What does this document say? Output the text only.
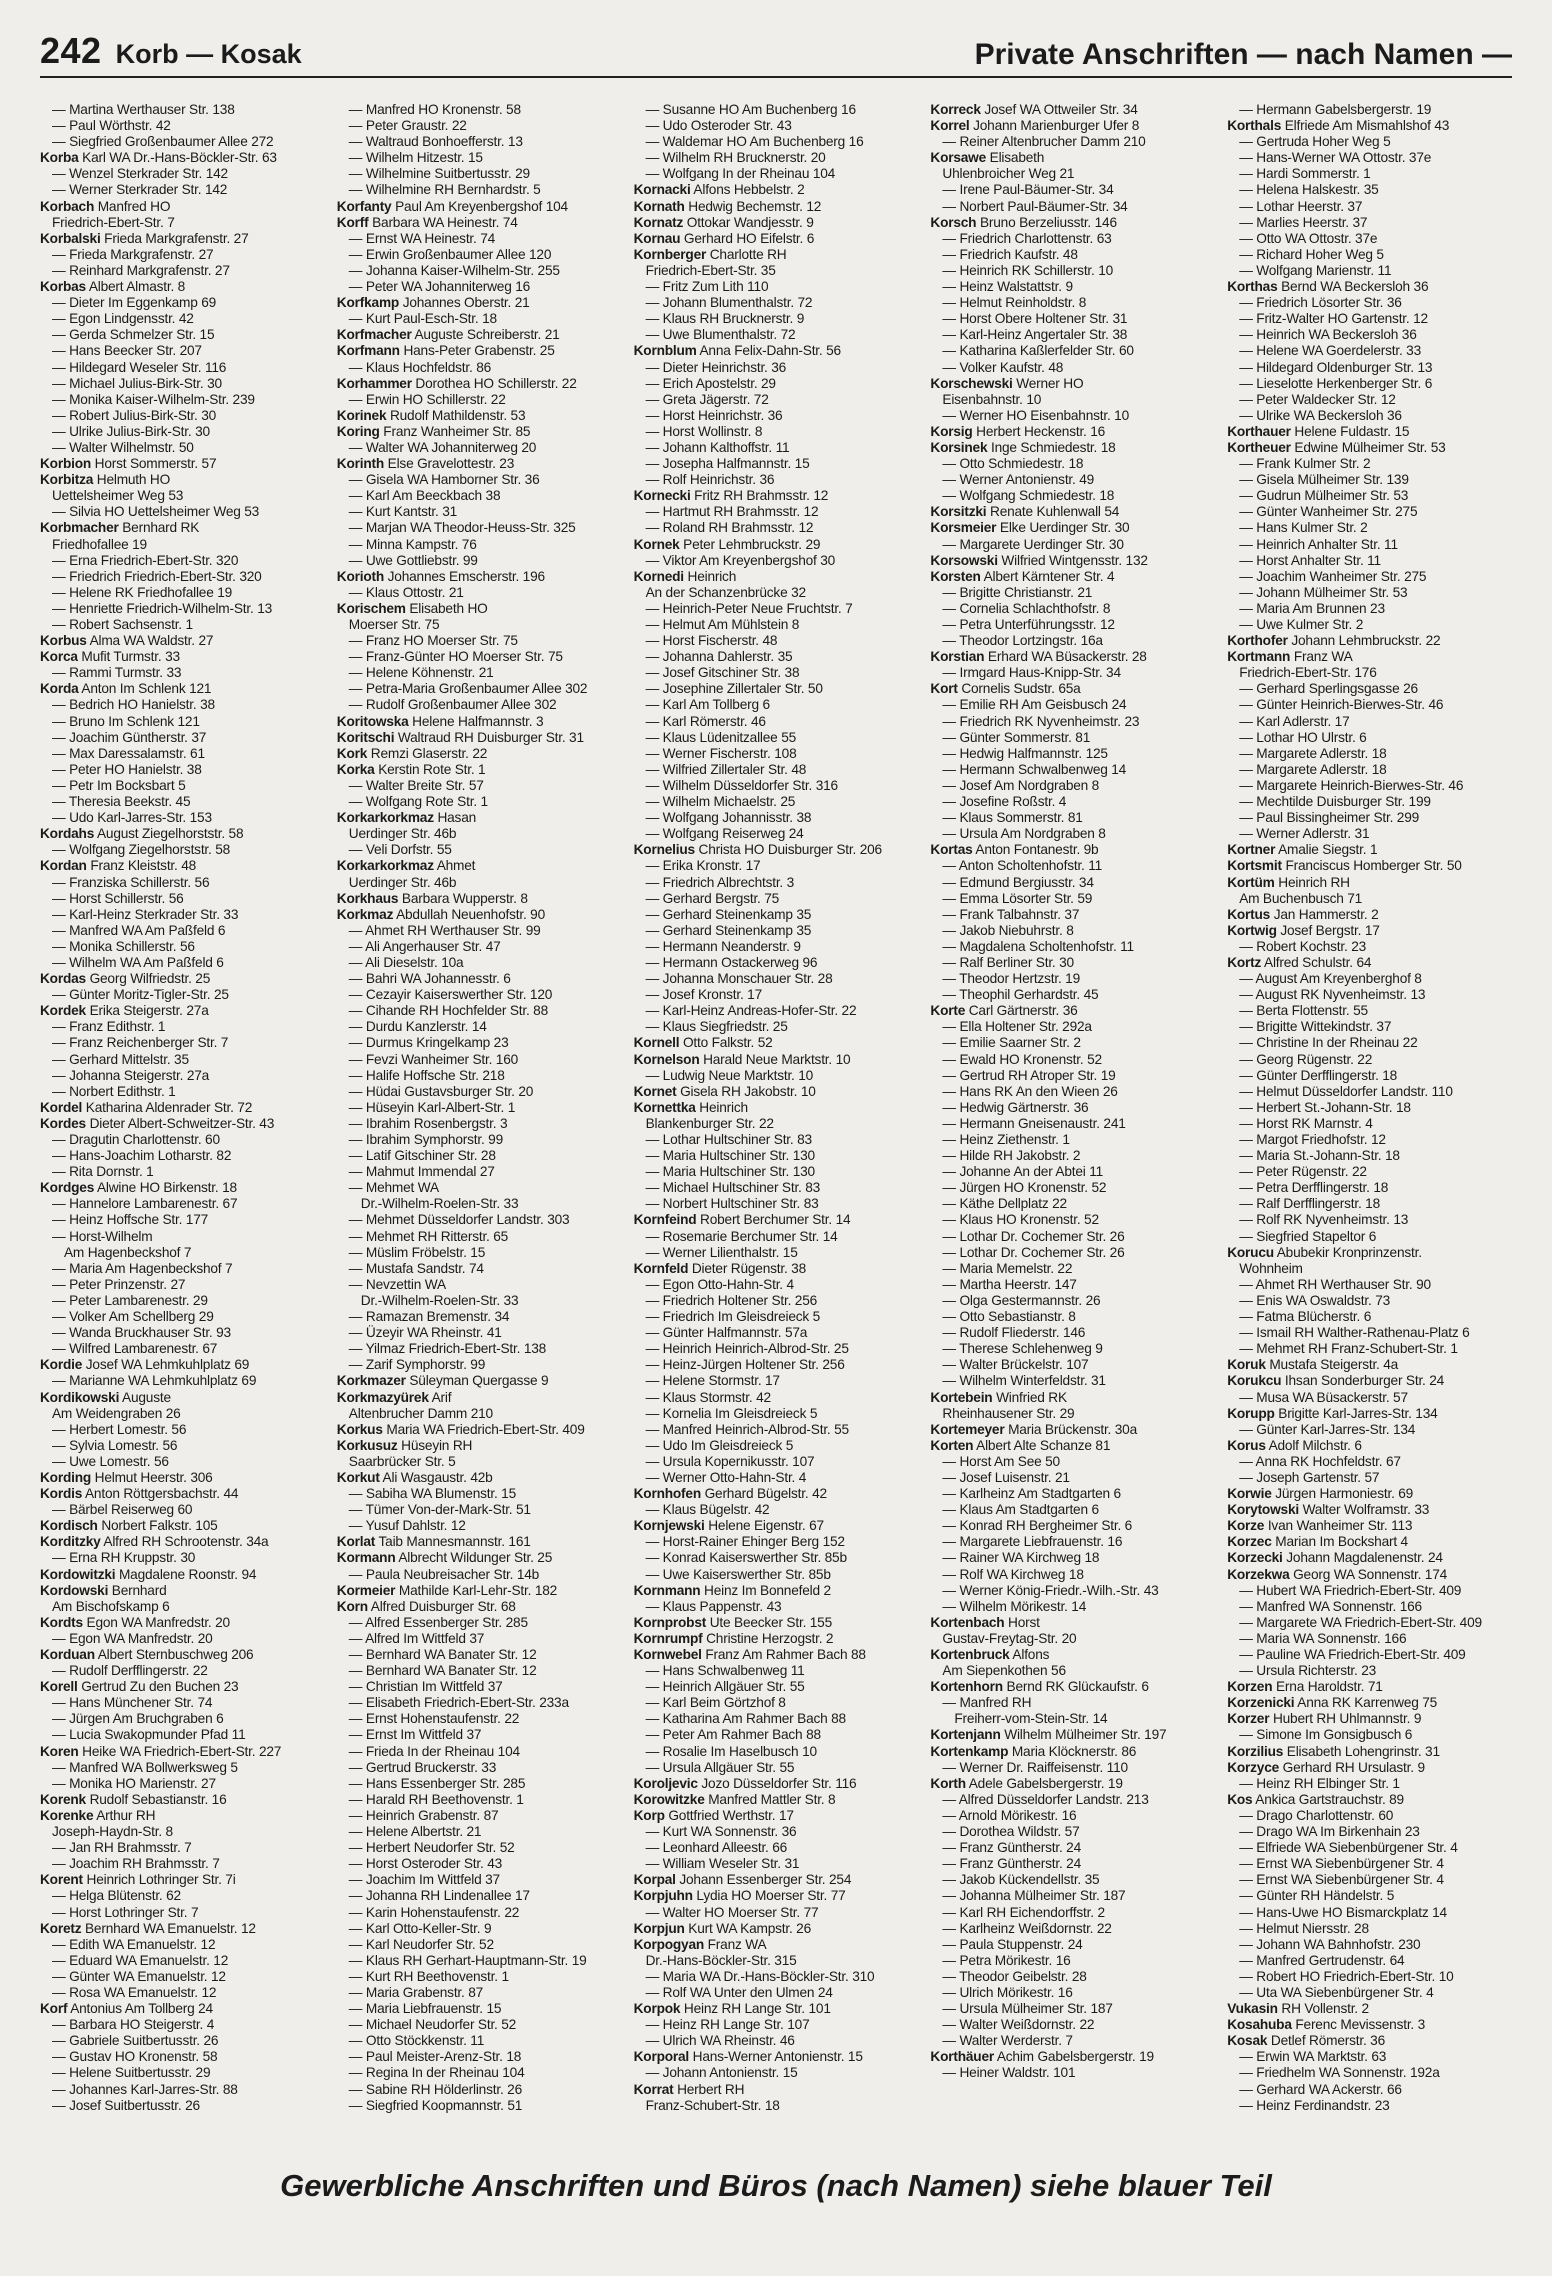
242 Korb — Kosak	Private Anschriften — nach Namen —
— Martina Werthauser Str. 138
— Paul Wörthstr. 42
— Siegfried Großenbaumer Allee 272
Korba Karl WA Dr.-Hans-Böckler-Str. 63
— Wenzel Sterkrader Str. 142
— Werner Sterkrader Str. 142
Korbach Manfred HO
Friedrich-Ebert-Str. 7
Korbalski Frieda Markgrafenstr. 27
— Frieda Markgrafenstr. 27
— Reinhard Markgrafenstr. 27
Korbas Albert Almastr. 8
— Dieter Im Eggenkamp 69
— Egon Lindgensstr. 42
— Gerda Schmelzer Str. 15
— Hans Beecker Str. 207
— Hildegard Weseler Str. 116
— Michael Julius-Birk-Str. 30
— Monika Kaiser-Wilhelm-Str. 239
— Robert Julius-Birk-Str. 30
— Ulrike Julius-Birk-Str. 30
— Walter Wilhelmstr. 50
Korbion Horst Sommerstr. 57
Korbitza Helmuth HO
Uettelsheimer Weg 53
— Silvia HO Uettelsheimer Weg 53
Korbmacher Bernhard RK
Friedhofallee 19
— Erna Friedrich-Ebert-Str. 320
— Friedrich Friedrich-Ebert-Str. 320
— Helene RK Friedhofallee 19
— Henriette Friedrich-Wilhelm-Str. 13
— Robert Sachsenstr. 1
Korbus Alma WA Waldstr. 27
Korca Mufit Turmstr. 33
— Rammi Turmstr. 33
Korda Anton Im Schlenk 121
— Bedrich HO Hanielstr. 38
— Bruno Im Schlenk 121
— Joachim Güntherstr. 37
— Max Daressalamstr. 61
— Peter HO Hanielstr. 38
— Petr Im Bocksbart 5
— Theresia Beekstr. 45
— Udo Karl-Jarres-Str. 153
Kordahs August Ziegelhorststr. 58
— Wolfgang Ziegelhorststr. 58
Kordan Franz Kleiststr. 48
— Franziska Schillerstr. 56
— Horst Schillerstr. 56
— Karl-Heinz Sterkrader Str. 33
— Manfred WA Am Paßfeld 6
— Monika Schillerstr. 56
— Wilhelm WA Am Paßfeld 6
Kordas Georg Wilfriedstr. 25
— Günter Moritz-Tigler-Str. 25
Kordek Erika Steigerstr. 27a
— Franz Edithstr. 1
— Franz Reichenberger Str. 7
— Gerhard Mittelstr. 35
— Johanna Steigerstr. 27a
— Norbert Edithstr. 1
Kordel Katharina Aldenrader Str. 72
Kordes Dieter Albert-Schweitzer-Str. 43
— Dragutin Charlottenstr. 60
— Hans-Joachim Lotharstr. 82
— Rita Dornstr. 1
Kordges Alwine HO Birkenstr. 18
— Hannelore Lambarenestr. 67
— Heinz Hoffsche Str. 177
— Horst-Wilhelm
Am Hagenbeckshof 7
— Maria Am Hagenbeckshof 7
— Peter Prinzenstr. 27
— Peter Lambarenestr. 29
— Volker Am Schellberg 29
— Wanda Bruckhauser Str. 93
— Wilfred Lambarenestr. 67
Kordie Josef WA Lehmkuhlplatz 69
— Marianne WA Lehmkuhlplatz 69
Kordikowski Auguste
Am Weidengraben 26
— Herbert Lomestr. 56
— Sylvia Lomestr. 56
— Uwe Lomestr. 56
Kording Helmut Heerstr. 306
Kordis Anton Röttgersbachstr. 44
— Bärbel Reiserweg 60
Kordisch Norbert Falkstr. 105
Korditzky Alfred RH Schrootenstr. 34a
— Erna RH Kruppstr. 30
Kordowitzki Magdalene Roonstr. 94
Kordowski Bernhard
Am Bischofskamp 6
Kordts Egon WA Manfredstr. 20
— Egon WA Manfredstr. 20
Korduan Albert Sternbuschweg 206
— Rudolf Derfflingerstr. 22
Korell Gertrud Zu den Buchen 23
— Hans Münchener Str. 74
— Jürgen Am Bruchgraben 6
— Lucia Swakopmunder Pfad 11
Koren Heike WA Friedrich-Ebert-Str. 227
— Manfred WA Bollwerksweg 5
— Monika HO Marienstr. 27
Korenk Rudolf Sebastianstr. 16
Korenke Arthur RH
Joseph-Haydn-Str. 8
— Jan RH Brahmsstr. 7
— Joachim RH Brahmsstr. 7
Korent Heinrich Lothringer Str. 7i
— Helga Blütenstr. 62
— Horst Lothringer Str. 7
Koretz Bernhard WA Emanuelstr. 12
— Edith WA Emanuelstr. 12
— Eduard WA Emanuelstr. 12
— Günter WA Emanuelstr. 12
— Rosa WA Emanuelstr. 12
Korf Antonius Am Tollberg 24
— Barbara HO Steigerstr. 4
— Gabriele Suitbertusstr. 26
— Gustav HO Kronenstr. 58
— Helene Suitbertusstr. 29
— Johannes Karl-Jarres-Str. 88
— Josef Suitbertusstr. 26
— Manfred HO Kronenstr. 58
— Peter Graustr. 22
— Waltraud Bonhoefferstr. 13
— Wilhelm Hitzestr. 15
— Wilhelmine Suitbertusstr. 29
— Wilhelmine RH Bernhardstr. 5
Korfanty Paul Am Kreyenbergshof 104
Korff Barbara WA Heinestr. 74
— Ernst WA Heinestr. 74
— Erwin Großenbaumer Allee 120
— Johanna Kaiser-Wilhelm-Str. 255
— Peter WA Johanniterweg 16
Korfkamp Johannes Oberstr. 21
— Kurt Paul-Esch-Str. 18
Korfmacher Auguste Schreiberstr. 21
Korfmann Hans-Peter Grabenstr. 25
— Klaus Hochfeldstr. 86
Korhammer Dorothea HO Schillerstr. 22
— Erwin HO Schillerstr. 22
Korinek Rudolf Mathildenstr. 53
Koring Franz Wanheimer Str. 85
— Walter WA Johanniterweg 20
Korinth Else Gravelottestr. 23
— Gisela WA Hamborner Str. 36
— Karl Am Beeckbach 38
— Kurt Kantstr. 31
— Marjan WA Theodor-Heuss-Str. 325
— Minna Kampstr. 76
— Uwe Gottliebstr. 99
Korioth Johannes Emscherstr. 196
— Klaus Ottostr. 21
Korischem Elisabeth HO
Moerser Str. 75
— Franz HO Moerser Str. 75
— Franz-Günter HO Moerser Str. 75
— Helene Köhnenstr. 21
— Petra-Maria Großenbaumer Allee 302
— Rudolf Großenbaumer Allee 302
Koritowska Helene Halfmannstr. 3
Koritschi Waltraud RH Duisburger Str. 31
Kork Remzi Glaserstr. 22
Korka Kerstin Rote Str. 1
— Walter Breite Str. 57
— Wolfgang Rote Str. 1
Korkarkorkmaz Hasan
Uerdinger Str. 46b
— Veli Dorfstr. 55
Korkarkorkmaz Ahmet
Uerdinger Str. 46b
Korkhaus Barbara Wupperstr. 8
Korkmaz Abdullah Neuenhofstr. 90
— Ahmet RH Werthauser Str. 99
— Ali Angerhauser Str. 47
— Ali Dieselstr. 10a
— Bahri WA Johannesstr. 6
— Cezayir Kaiserswerther Str. 120
— Cihande RH Hochfelder Str. 88
— Durdu Kanzlerstr. 14
— Durmus Kringelkamp 23
— Fevzi Wanheimer Str. 160
— Halife Hoffsche Str. 218
— Hüdai Gustavsburger Str. 20
— Hüseyin Karl-Albert-Str. 1
— Ibrahim Rosenbergstr. 3
— Ibrahim Symphorstr. 99
— Latif Gitschiner Str. 28
— Mahmut Immendal 27
— Mehmet WA
Dr.-Wilhelm-Roelen-Str. 33
— Mehmet Düsseldorfer Landstr. 303
— Mehmet RH Ritterstr. 65
— Müslim Fröbelstr. 15
— Mustafa Sandstr. 74
— Nevzettin WA
Dr.-Wilhelm-Roelen-Str. 33
— Ramazan Bremenstr. 34
— Üzeyir WA Rheinstr. 41
— Yilmaz Friedrich-Ebert-Str. 138
— Zarif Symphorstr. 99
Korkmazer Süleyman Quergasse 9
Korkmazyürek Arif
Altenbrucher Damm 210
Korkus Maria WA Friedrich-Ebert-Str. 409
Korkusuz Hüseyin RH
Saarbrücker Str. 5
Korkut Ali Wasgaustr. 42b
— Sabiha WA Blumenstr. 15
— Tümer Von-der-Mark-Str. 51
— Yusuf Dahlstr. 12
Korlat Taib Mannesmannstr. 161
Kormann Albrecht Wildunger Str. 25
— Paula Neubreisacher Str. 14b
Kormeier Mathilde Karl-Lehr-Str. 182
Korn Alfred Duisburger Str. 68
— Alfred Essenberger Str. 285
— Alfred Im Wittfeld 37
— Bernhard WA Banater Str. 12
— Bernhard WA Banater Str. 12
— Christian Im Wittfeld 37
— Elisabeth Friedrich-Ebert-Str. 233a
— Ernst Hohenstaufenstr. 22
— Ernst Im Wittfeld 37
— Frieda In der Rheinau 104
— Gertrud Bruckerstr. 33
— Hans Essenberger Str. 285
— Harald RH Beethovenstr. 1
— Heinrich Grabenstr. 87
— Helene Albertstr. 21
— Herbert Neudorfer Str. 52
— Horst Osteroder Str. 43
— Joachim Im Wittfeld 37
— Johanna RH Lindenallee 17
— Karin Hohenstaufenstr. 22
— Karl Otto-Keller-Str. 9
— Karl Neudorfer Str. 52
— Klaus RH Gerhart-Hauptmann-Str. 19
— Kurt RH Beethovenstr. 1
— Maria Grabenstr. 87
— Maria Liebfrauenstr. 15
— Michael Neudorfer Str. 52
— Otto Stöckkenstr. 11
— Paul Meister-Arenz-Str. 18
— Regina In der Rheinau 104
— Sabine RH Hölderlinstr. 26
— Siegfried Koopmannstr. 51
— Susanne HO Am Buchenberg 16
— Udo Osteroder Str. 43
— Waldemar HO Am Buchenberg 16
— Wilhelm RH Brucknerstr. 20
— Wolfgang In der Rheinau 104
Kornacki Alfons Hebbelstr. 2
Kornath Hedwig Bechemstr. 12
Kornatz Ottokar Wandjesstr. 9
Kornau Gerhard HO Eifelstr. 6
Kornberger Charlotte RH
Friedrich-Ebert-Str. 35
— Fritz Zum Lith 110
— Johann Blumenthalstr. 72
— Klaus RH Brucknerstr. 9
— Uwe Blumenthalstr. 72
Kornblum Anna Felix-Dahn-Str. 56
— Dieter Heinrichstr. 36
— Erich Apostelstr. 29
— Greta Jägerstr. 72
— Horst Heinrichstr. 36
— Horst Wollinstr. 8
— Johann Kalthoffstr. 11
— Josepha Halfmannstr. 15
— Rolf Heinrichstr. 36
Kornecki Fritz RH Brahmsstr. 12
— Hartmut RH Brahmsstr. 12
— Roland RH Brahmsstr. 12
Kornek Peter Lehmbruckstr. 29
— Viktor Am Kreyenbergshof 30
Kornedi Heinrich
An der Schanzenbrücke 32
— Heinrich-Peter Neue Fruchtstr. 7
— Helmut Am Mühlstein 8
— Horst Fischerstr. 48
— Johanna Dahlerstr. 35
— Josef Gitschiner Str. 38
— Josephine Zillertaler Str. 50
— Karl Am Tollberg 6
— Karl Römerstr. 46
— Klaus Lüdenitzallee 55
— Werner Fischerstr. 108
— Wilfried Zillertaler Str. 48
— Wilhelm Düsseldorfer Str. 316
— Wilhelm Michaelstr. 25
— Wolfgang Johannisstr. 38
— Wolfgang Reiserweg 24
Kornelius Christa HO Duisburger Str. 206
— Erika Kronstr. 17
— Friedrich Albrechtstr. 3
— Gerhard Bergstr. 75
— Gerhard Steinenkamp 35
— Gerhard Steinenkamp 35
— Hermann Neanderstr. 9
— Hermann Ostackerweg 96
— Johanna Monschauer Str. 28
— Josef Kronstr. 17
— Karl-Heinz Andreas-Hofer-Str. 22
— Klaus Siegfriedstr. 25
Kornell Otto Falkstr. 52
Kornelson Harald Neue Marktstr. 10
— Ludwig Neue Marktstr. 10
Kornet Gisela RH Jakobstr. 10
Kornettka Heinrich
Blankenburger Str. 22
— Lothar Hultschiner Str. 83
— Maria Hultschiner Str. 130
— Maria Hultschiner Str. 130
— Michael Hultschiner Str. 83
— Norbert Hultschiner Str. 83
Kornfeind Robert Berchumer Str. 14
— Rosemarie Berchumer Str. 14
— Werner Lilienthalstr. 15
Kornfeld Dieter Rügenstr. 38
— Egon Otto-Hahn-Str. 4
— Friedrich Holtener Str. 256
— Friedrich Im Gleisdreieck 5
— Günter Halfmannstr. 57a
— Heinrich Heinrich-Albrod-Str. 25
— Heinz-Jürgen Holtener Str. 256
— Helene Stormstr. 17
— Klaus Stormstr. 42
— Kornelia Im Gleisdreieck 5
— Manfred Heinrich-Albrod-Str. 55
— Udo Im Gleisdreieck 5
— Ursula Kopernikusstr. 107
— Werner Otto-Hahn-Str. 4
Kornhofen Gerhard Bügelstr. 42
— Klaus Bügelstr. 42
Kornjewski Helene Eigenstr. 67
— Horst-Rainer Ehinger Berg 152
— Konrad Kaiserswerther Str. 85b
— Uwe Kaiserswerther Str. 85b
Kornmann Heinz Im Bonnefeld 2
— Klaus Pappenstr. 43
Kornprobst Ute Beecker Str. 155
Kornrumpf Christine Herzogstr. 2
Kornwebel Franz Am Rahmer Bach 88
— Hans Schwalbenweg 11
— Heinrich Allgäuer Str. 55
— Karl Beim Görtzhof 8
— Katharina Am Rahmer Bach 88
— Peter Am Rahmer Bach 88
— Rosalie Im Haselbusch 10
— Ursula Allgäuer Str. 55
Koroljevic Jozo Düsseldorfer Str. 116
Korowitzke Manfred Mattler Str. 8
Korp Gottfried Werthstr. 17
— Kurt WA Sonnenstr. 36
— Leonhard Alleestr. 66
— William Weseler Str. 31
Korpal Johann Essenberger Str. 254
Korpjuhn Lydia HO Moerser Str. 77
— Walter HO Moerser Str. 77
Korpjun Kurt WA Kampstr. 26
Korpogyan Franz WA
Dr.-Hans-Böckler-Str. 315
— Maria WA Dr.-Hans-Böckler-Str. 310
— Rolf WA Unter den Ulmen 24
Korpok Heinz RH Lange Str. 101
— Heinz RH Lange Str. 107
— Ulrich WA Rheinstr. 46
Korporal Hans-Werner Antonienstr. 15
— Johann Antonienstr. 15
Korrat Herbert RH
Franz-Schubert-Str. 18
Korreck Josef WA Ottweiler Str. 34
Korrel Johann Marienburger Ufer 8
— Reiner Altenbrucher Damm 210
Korsawe Elisabeth
Uhlenbroicher Weg 21
— Irene Paul-Bäumer-Str. 34
— Norbert Paul-Bäumer-Str. 34
Korsch Bruno Berzeliusstr. 146
— Friedrich Charlottenstr. 63
— Friedrich Kaufstr. 48
— Heinrich RK Schillerstr. 10
— Heinz Walstattstr. 9
— Helmut Reinholdstr. 8
— Horst Obere Holtener Str. 31
— Karl-Heinz Angertaler Str. 38
— Katharina Kaßlerfelder Str. 60
— Volker Kaufstr. 48
Korschewski Werner HO
Eisenbahnstr. 10
— Werner HO Eisenbahnstr. 10
Korsig Herbert Heckenstr. 16
Korsinek Inge Schmiedestr. 18
— Otto Schmiedestr. 18
— Werner Antonienstr. 49
— Wolfgang Schmiedestr. 18
Korsitzki Renate Kuhlenwall 54
Korsmeier Elke Uerdinger Str. 30
— Margarete Uerdinger Str. 30
Korsowski Wilfried Wintgensstr. 132
Korsten Albert Kärntener Str. 4
— Brigitte Christianstr. 21
— Cornelia Schlachthofstr. 8
— Petra Unterführungsstr. 12
— Theodor Lortzingstr. 16a
Korstian Erhard WA Büsackerstr. 28
— Irmgard Haus-Knipp-Str. 34
Kort Cornelis Sudstr. 65a
— Emilie RH Am Geisbusch 24
— Friedrich RK Nyvenheimstr. 23
— Günter Sommerstr. 81
— Hedwig Halfmannstr. 125
— Hermann Schwalbenweg 14
— Josef Am Nordgraben 8
— Josefine Roßstr. 4
— Klaus Sommerstr. 81
— Ursula Am Nordgraben 8
Kortas Anton Fontanestr. 9b
— Anton Scholtenhofstr. 11
— Edmund Bergiusstr. 34
— Emma Lösorter Str. 59
— Frank Talbahnstr. 37
— Jakob Niebuhrstr. 8
— Magdalena Scholtenhofstr. 11
— Ralf Berliner Str. 30
— Theodor Hertzstr. 19
— Theophil Gerhardstr. 45
Korte Carl Gärtnerstr. 36
— Ella Holtener Str. 292a
— Emilie Saarner Str. 2
— Ewald HO Kronenstr. 52
— Gertrud RH Atroper Str. 19
— Hans RK An den Wieen 26
— Hedwig Gärtnerstr. 36
— Hermann Gneisenaustr. 241
— Heinz Ziethenstr. 1
— Hilde RH Jakobstr. 2
— Johanne An der Abtei 11
— Jürgen HO Kronenstr. 52
— Käthe Dellplatz 22
— Klaus HO Kronenstr. 52
— Lothar Dr. Cochemer Str. 26
— Lothar Dr. Cochemer Str. 26
— Maria Memelstr. 22
— Martha Heerstr. 147
— Olga Gestermannstr. 26
— Otto Sebastianstr. 8
— Rudolf Fliederstr. 146
— Therese Schlehenweg 9
— Walter Brückelstr. 107
— Wilhelm Winterfeldstr. 31
Kortebein Winfried RK
Rheinhausener Str. 29
Kortemeyer Maria Brückenstr. 30a
Korten Albert Alte Schanze 81
— Horst Am See 50
— Josef Luisenstr. 21
— Karlheinz Am Stadtgarten 6
— Klaus Am Stadtgarten 6
— Konrad RH Bergheimer Str. 6
— Margarete Liebfrauenstr. 16
— Rainer WA Kirchweg 18
— Rolf WA Kirchweg 18
— Werner König-Friedr.-Wilh.-Str. 43
— Wilhelm Mörikestr. 14
Kortenbach Horst
Gustav-Freytag-Str. 20
Kortenbruck Alfons
Am Siepenkothen 56
Kortenhorn Bernd RK Glückaufstr. 6
— Manfred RH
Freiherr-vom-Stein-Str. 14
Kortenjann Wilhelm Mülheimer Str. 197
Kortenkamp Maria Klöcknerstr. 86
— Werner Dr. Raiffeisenstr. 110
Korth Adele Gabelsbergerstr. 19
— Alfred Düsseldorfer Landstr. 213
— Arnold Mörikestr. 16
— Dorothea Wildstr. 57
— Franz Güntherstr. 24
— Franz Güntherstr. 24
— Jakob Kückendellstr. 35
— Johanna Mülheimer Str. 187
— Karl RH Eichendorffstr. 2
— Karlheinz Weißdornstr. 22
— Paula Stuppenstr. 24
— Petra Mörikestr. 16
— Theodor Geibelstr. 28
— Ulrich Mörikestr. 16
— Ursula Mülheimer Str. 187
— Walter Weißdornstr. 22
— Walter Werderstr. 7
Korthäuer Achim Gabelsbergerstr. 19
— Heiner Waldstr. 101
— Hermann Gabelsbergerstr. 19
Korthals Elfriede Am Mismahlshof 43
— Gertruda Hoher Weg 5
— Hans-Werner WA Ottostr. 37e
— Hardi Sommerstr. 1
— Helena Halskestr. 35
— Lothar Heerstr. 37
— Marlies Heerstr. 37
— Otto WA Ottostr. 37e
— Richard Hoher Weg 5
— Wolfgang Marienstr. 11
Korthas Bernd WA Beckersloh 36
— Friedrich Lösorter Str. 36
— Fritz-Walter HO Gartenstr. 12
— Heinrich WA Beckersloh 36
— Helene WA Goerdelerstr. 33
— Hildegard Oldenburger Str. 13
— Lieselotte Herkenberger Str. 6
— Peter Waldecker Str. 12
— Ulrike WA Beckersloh 36
Korthauer Helene Fuldastr. 15
Kortheuer Edwine Mülheimer Str. 53
— Frank Kulmer Str. 2
— Gisela Mülheimer Str. 139
— Gudrun Mülheimer Str. 53
— Günter Wanheimer Str. 275
— Hans Kulmer Str. 2
— Heinrich Anhalter Str. 11
— Horst Anhalter Str. 11
— Joachim Wanheimer Str. 275
— Johann Mülheimer Str. 53
— Maria Am Brunnen 23
— Uwe Kulmer Str. 2
Korthofer Johann Lehmbruckstr. 22
Kortmann Franz WA
Friedrich-Ebert-Str. 176
— Gerhard Sperlingsgasse 26
— Günter Heinrich-Bierwes-Str. 46
— Karl Adlerstr. 17
— Lothar HO Ulrstr. 6
— Margarete Adlerstr. 18
— Margarete Adlerstr. 18
— Margarete Heinrich-Bierwes-Str. 46
— Mechtilde Duisburger Str. 199
— Paul Bissingheimer Str. 299
— Werner Adlerstr. 31
Kortner Amalie Siegstr. 1
Kortsmit Franciscus Homberger Str. 50
Kortüm Heinrich RH
Am Buchenbusch 71
Kortus Jan Hammerstr. 2
Kortwig Josef Bergstr. 17
— Robert Kochstr. 23
Kortz Alfred Schulstr. 64
— August Am Kreyenberghof 8
— August RK Nyvenheimstr. 13
— Berta Flottenstr. 55
— Brigitte Wittekindstr. 37
— Christine In der Rheinau 22
— Georg Rügenstr. 22
— Günter Derfflingerstr. 18
— Helmut Düsseldorfer Landstr. 110
— Herbert St.-Johann-Str. 18
— Horst RK Marnstr. 4
— Margot Friedhofstr. 12
— Maria St.-Johann-Str. 18
— Peter Rügenstr. 22
— Petra Derfflingerstr. 18
— Ralf Derfflingerstr. 18
— Rolf RK Nyvenheimstr. 13
— Siegfried Stapeltor 6
Korucu Abubekir Kronprinzenstr.
Wohnheim
— Ahmet RH Werthauser Str. 90
— Enis WA Oswaldstr. 73
— Fatma Blücherstr. 6
— Ismail RH Walther-Rathenau-Platz 6
— Mehmet RH Franz-Schubert-Str. 1
Koruk Mustafa Steigerstr. 4a
Korukcu Ihsan Sonderburger Str. 24
— Musa WA Büsackerstr. 57
Korupp Brigitte Karl-Jarres-Str. 134
— Günter Karl-Jarres-Str. 134
Korus Adolf Milchstr. 6
— Anna RK Hochfeldstr. 67
— Joseph Gartenstr. 57
Korwie Jürgen Harmoniestr. 69
Korytowski Walter Wolframstr. 33
Korze Ivan Wanheimer Str. 113
Korzec Marian Im Bockshart 4
Korzecki Johann Magdalenenstr. 24
Korzekwa Georg WA Sonnenstr. 174
— Hubert WA Friedrich-Ebert-Str. 409
— Manfred WA Sonnenstr. 166
— Margarete WA Friedrich-Ebert-Str. 409
— Maria WA Sonnenstr. 166
— Pauline WA Friedrich-Ebert-Str. 409
— Ursula Richterstr. 23
Korzen Erna Haroldstr. 71
Korzenicki Anna RK Karrenweg 75
Korzer Hubert RH Uhlmannstr. 9
— Simone Im Gonsigbusch 6
Korzilius Elisabeth Lohengrinstr. 31
Korzyce Gerhard RH Ursulastr. 9
— Heinz RH Elbinger Str. 1
Kos Ankica Gartstrauchstr. 89
— Drago Charlottenstr. 60
— Drago WA Im Birkenhain 23
— Elfriede WA Siebenbürgener Str. 4
— Ernst WA Siebenbürgener Str. 4
— Ernst WA Siebenbürgener Str. 4
— Günter RH Händelstr. 5
— Hans-Uwe HO Bismarckplatz 14
— Helmut Niersstr. 28
— Johann WA Bahnhofstr. 230
— Manfred Gertrudenstr. 64
— Robert HO Friedrich-Ebert-Str. 10
— Uta WA Siebenbürgener Str. 4
Vukasin RH Vollenstr. 2
Kosahuba Ferenc Mevissenstr. 3
Kosak Detlef Römerstr. 36
— Erwin WA Marktstr. 63
— Friedhelm WA Sonnenstr. 192a
— Gerhard WA Ackerstr. 66
— Heinz Ferdinandstr. 23
Gewerbliche Anschriften und Büros (nach Namen) siehe blauer Teil
